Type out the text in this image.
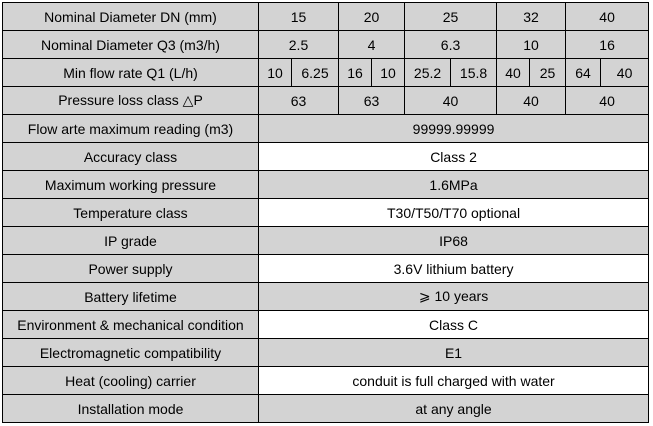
Nominal Diameter DN (mm)	15		20		25		32		40	
Nominal Diameter Q3 (m3/h)	2.5		4		6.3		10		16	
Min flow rate Q1 (L/h)	10	6.25	16	10	25.2	15.8	40	25	64	40
Pressure loss class △P	63		63		40		40		40	
Flow arte maximum reading (m3)	99999.99999									
Accuracy class	Class 2									
Maximum working pressure	1.6MPa									
Temperature class	T30/T50/T70 optional									
IP grade	IP68									
Power supply	3.6V lithium battery									
Battery lifetime	⩾ 10 years									
Environment & mechanical condition	Class C									
Electromagnetic compatibility	E1									
Heat (cooling) carrier	conduit is full charged with water									
Installation mode	at any angle									
